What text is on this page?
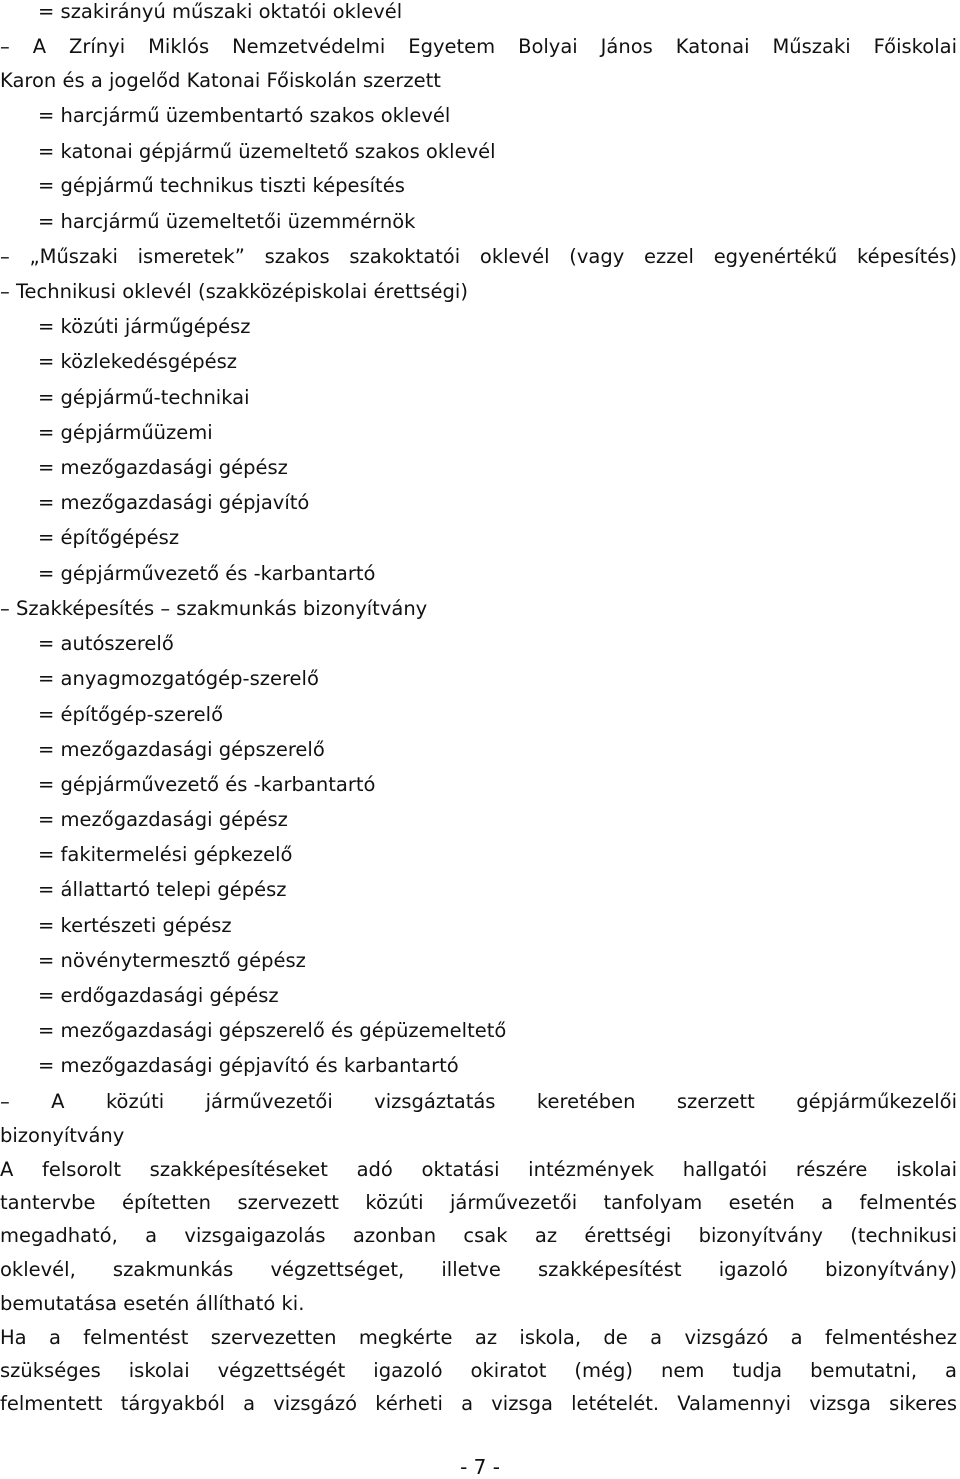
= szakirányú műszaki oktatói oklevél
– A Zrínyi Miklós Nemzetvédelmi Egyetem Bolyai János Katonai Műszaki Főiskolai
Karon és a jogelőd Katonai Főiskolán szerzett
= harcjármű üzembentartó szakos oklevél
= katonai gépjármű üzemeltető szakos oklevél
= gépjármű technikus tiszti képesítés
= harcjármű üzemeltetői üzemmérnök
– „Műszaki ismeretek” szakos szakoktatói oklevél (vagy ezzel egyenértékű képesítés)
– Technikusi oklevél (szakközépiskolai érettségi)
= közúti járműgépész
= közlekedésgépész
= gépjármű-technikai
= gépjárműüzemi
= mezőgazdasági gépész
= mezőgazdasági gépjavító
= építőgépész
= gépjárművezető és -karbantartó
– Szakképesítés – szakmunkás bizonyítvány
= autószerelő
= anyagmozgatógép-szerelő
= építőgép-szerelő
= mezőgazdasági gépszerelő
= gépjárművezető és -karbantartó
= mezőgazdasági gépész
= fakitermelési gépkezelő
= állattartó telepi gépész
= kertészeti gépész
= növénytermesztő gépész
= erdőgazdasági gépész
= mezőgazdasági gépszerelő és gépüzemeltető
= mezőgazdasági gépjavító és karbantartó
– A közúti járművezetői vizsgáztatás keretében szerzett gépjárműkezelői
bizonyítvány
A felsorolt szakképesítéseket adó oktatási intézmények hallgatói részére iskolai
tantervbe építetten szervezett közúti járművezetői tanfolyam esetén a felmentés
megadható, a vizsgaigazolás azonban csak az érettségi bizonyítvány (technikusi
oklevél, szakmunkás végzettséget, illetve szakképesítést igazoló bizonyítvány)
bemutatása esetén állítható ki.
Ha a felmentést szervezetten megkérte az iskola, de a vizsgázó a felmentéshez
szükséges iskolai végzettségét igazoló okiratot (még) nem tudja bemutatni, a
felmentett tárgyakból a vizsgázó kérheti a vizsga letételét. Valamennyi vizsga sikeres
- 7 -
